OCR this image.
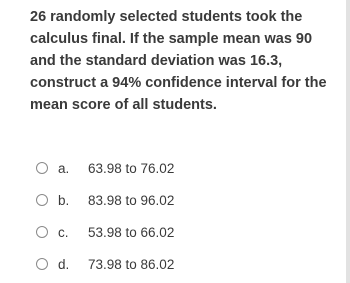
26 randomly selected students took the
calculus final. If the sample mean was 90
and the standard deviation was 16.3,
construct a 94% confidence interval for the
mean score of all students.
a.	63.98 to 76.02
b.	83.98 to 96.02
c.	53.98 to 66.02
d.	73.98 to 86.02
